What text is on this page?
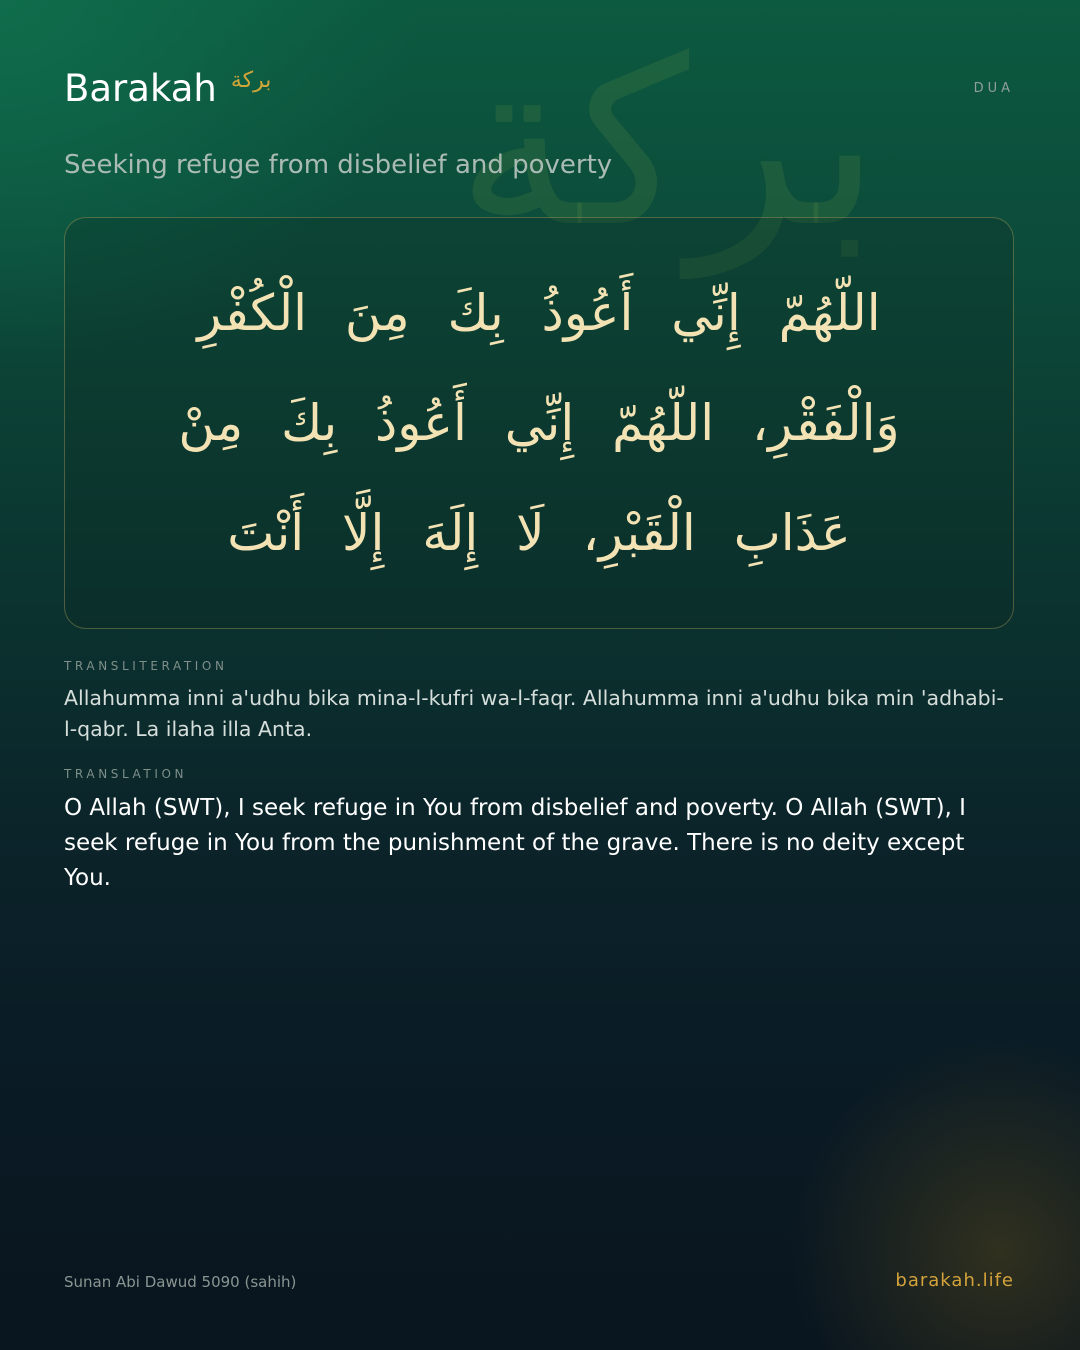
بركة
Barakah بركة	DUA
Seeking refuge from disbelief and poverty
اللّهُمّ إِنِّي أَعُوذُ بِكَ مِنَ الْكُفْرِ
وَالْفَقْرِ، اللّهُمّ إِنِّي أَعُوذُ بِكَ مِنْ
عَذَابِ الْقَبْرِ، لَا إِلَهَ إِلَّا أَنْتَ
TRANSLITERATION
Allahumma inni a'udhu bika mina-l-kufri wa-l-faqr. Allahumma inni a'udhu bika min 'adhabi-l-qabr. La ilaha illa Anta.
TRANSLATION
O Allah (SWT), I seek refuge in You from disbelief and poverty. O Allah (SWT), I seek refuge in You from the punishment of the grave. There is no deity except You.
Sunan Abi Dawud 5090 (sahih)	barakah.life
